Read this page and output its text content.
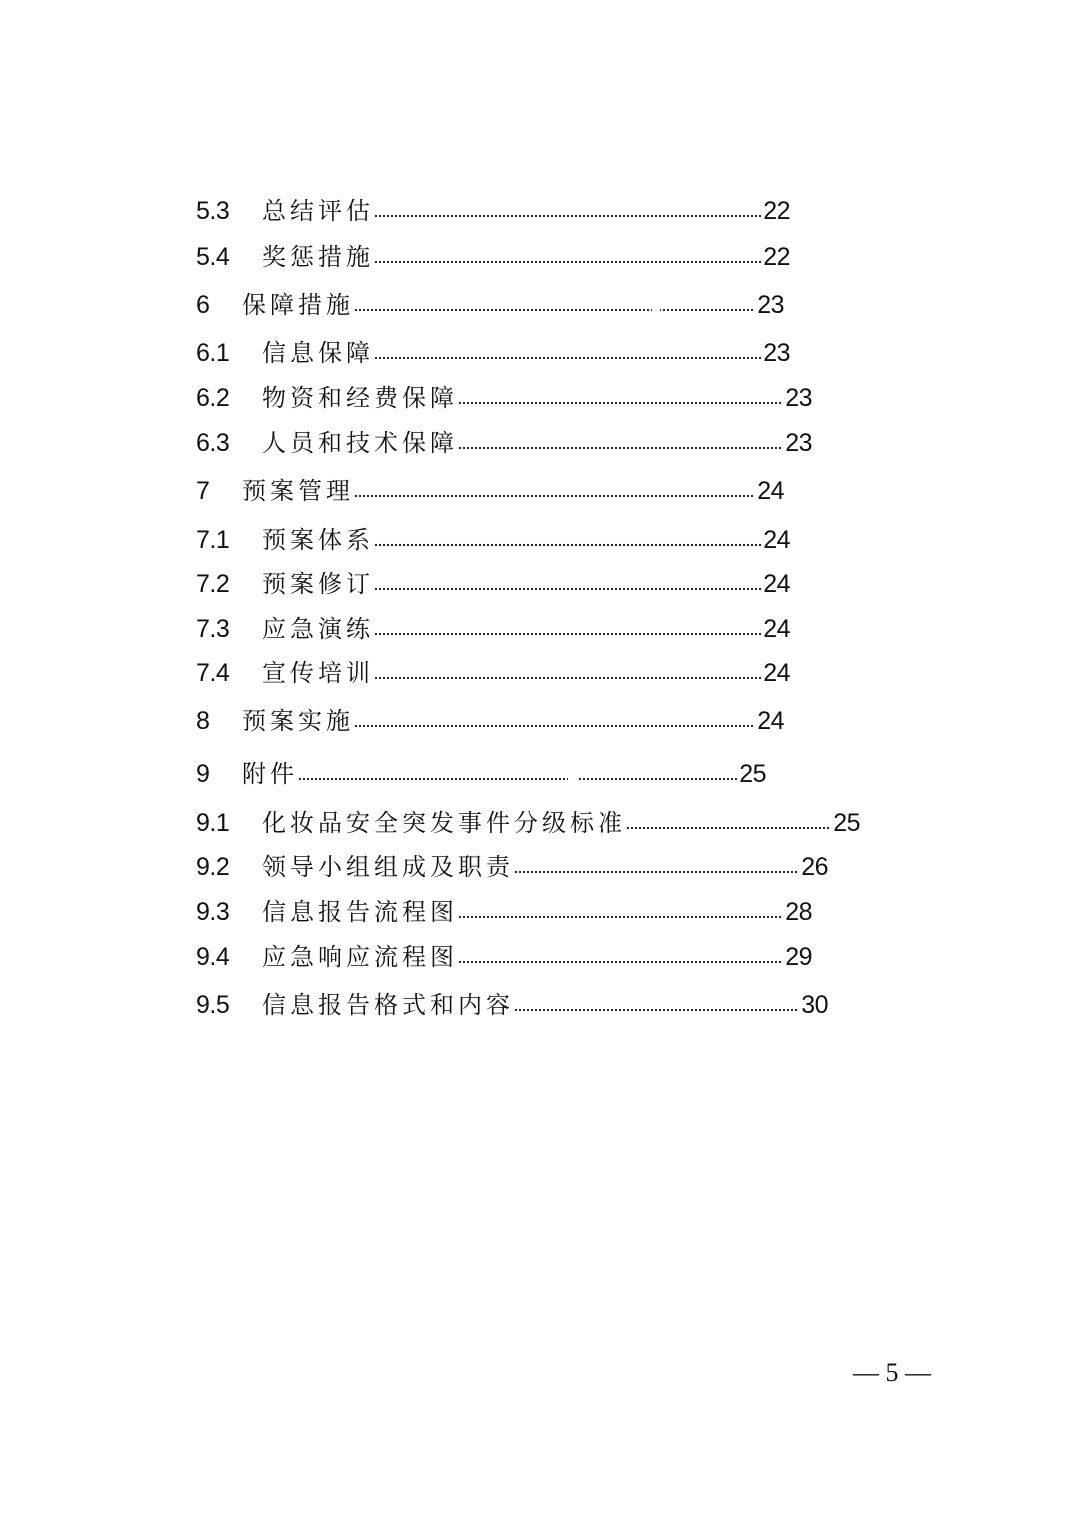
5.3	总结评估	22
5.4	奖惩措施	22
6	保障措施	23
6.1	信息保障	23
6.2	物资和经费保障	23
6.3	人员和技术保障	23
7	预案管理	24
7.1	预案体系	24
7.2	预案修订	24
7.3	应急演练	24
7.4	宣传培训	24
8	预案实施	24
9	附件	25
9.1	化妆品安全突发事件分级标准	25
9.2	领导小组组成及职责	26
9.3	信息报告流程图	28
9.4	应急响应流程图	29
9.5	信息报告格式和内容	30
— 5 —
